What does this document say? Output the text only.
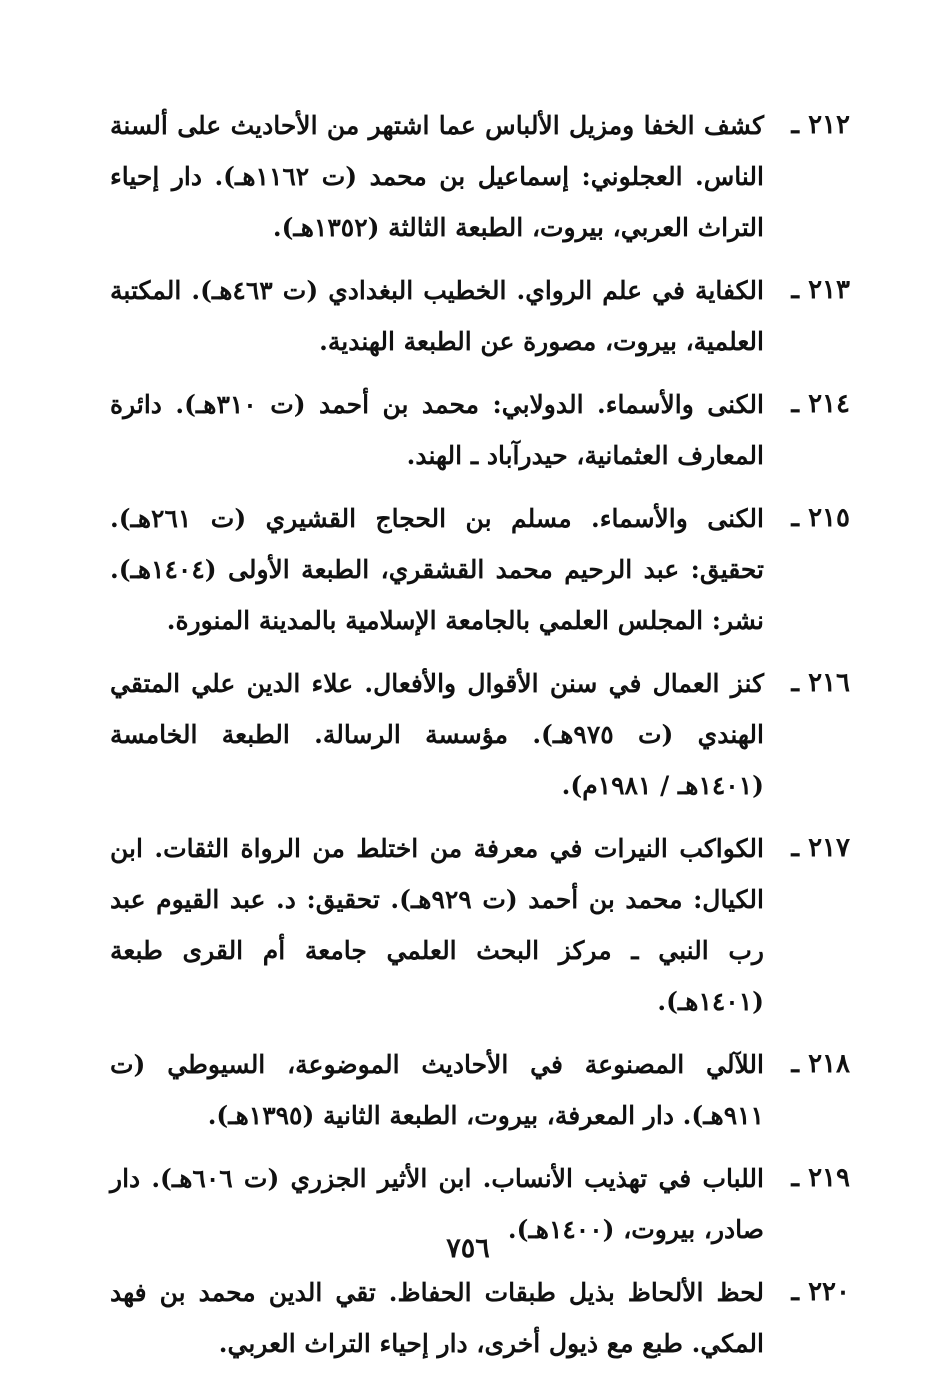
٢١٢ ـ
كشف الخفا ومزيل الألباس عما اشتهر من الأحاديث على ألسنة الناس. العجلوني: إسماعيل بن محمد (ت ١١٦٢هـ). دار إحياء التراث العربي، بيروت، الطبعة الثالثة (١٣٥٢هـ).
٢١٣ ـ
الكفاية في علم الرواي. الخطيب البغدادي (ت ٤٦٣هـ). المكتبة العلمية، بيروت، مصورة عن الطبعة الهندية.
٢١٤ ـ
الكنى والأسماء. الدولابي: محمد بن أحمد (ت ٣١٠هـ). دائرة المعارف العثمانية، حيدرآباد ـ الهند.
٢١٥ ـ
الكنى والأسماء. مسلم بن الحجاج القشيري (ت ٢٦١هـ). تحقيق: عبد الرحيم محمد القشقري، الطبعة الأولى (١٤٠٤هـ). نشر: المجلس العلمي بالجامعة الإسلامية بالمدينة المنورة.
٢١٦ ـ
كنز العمال في سنن الأقوال والأفعال. علاء الدين علي المتقي الهندي (ت ٩٧٥هـ). مؤسسة الرسالة. الطبعة الخامسة (١٤٠١هـ / ١٩٨١م).
٢١٧ ـ
الكواكب النيرات في معرفة من اختلط من الرواة الثقات. ابن الكيال: محمد بن أحمد (ت ٩٢٩هـ). تحقيق: د. عبد القيوم عبد رب النبي ـ مركز البحث العلمي جامعة أم القرى طبعة (١٤٠١هـ).
٢١٨ ـ
اللآلي المصنوعة في الأحاديث الموضوعة، السيوطي (ت ٩١١هـ). دار المعرفة، بيروت، الطبعة الثانية (١٣٩٥هـ).
٢١٩ ـ
اللباب في تهذيب الأنساب. ابن الأثير الجزري (ت ٦٠٦هـ). دار صادر، بيروت، (١٤٠٠هـ).
٢٢٠ ـ
لحظ الألحاظ بذيل طبقات الحفاظ. تقي الدين محمد بن فهد المكي. طبع مع ذيول أخرى، دار إحياء التراث العربي.
٧٥٦
